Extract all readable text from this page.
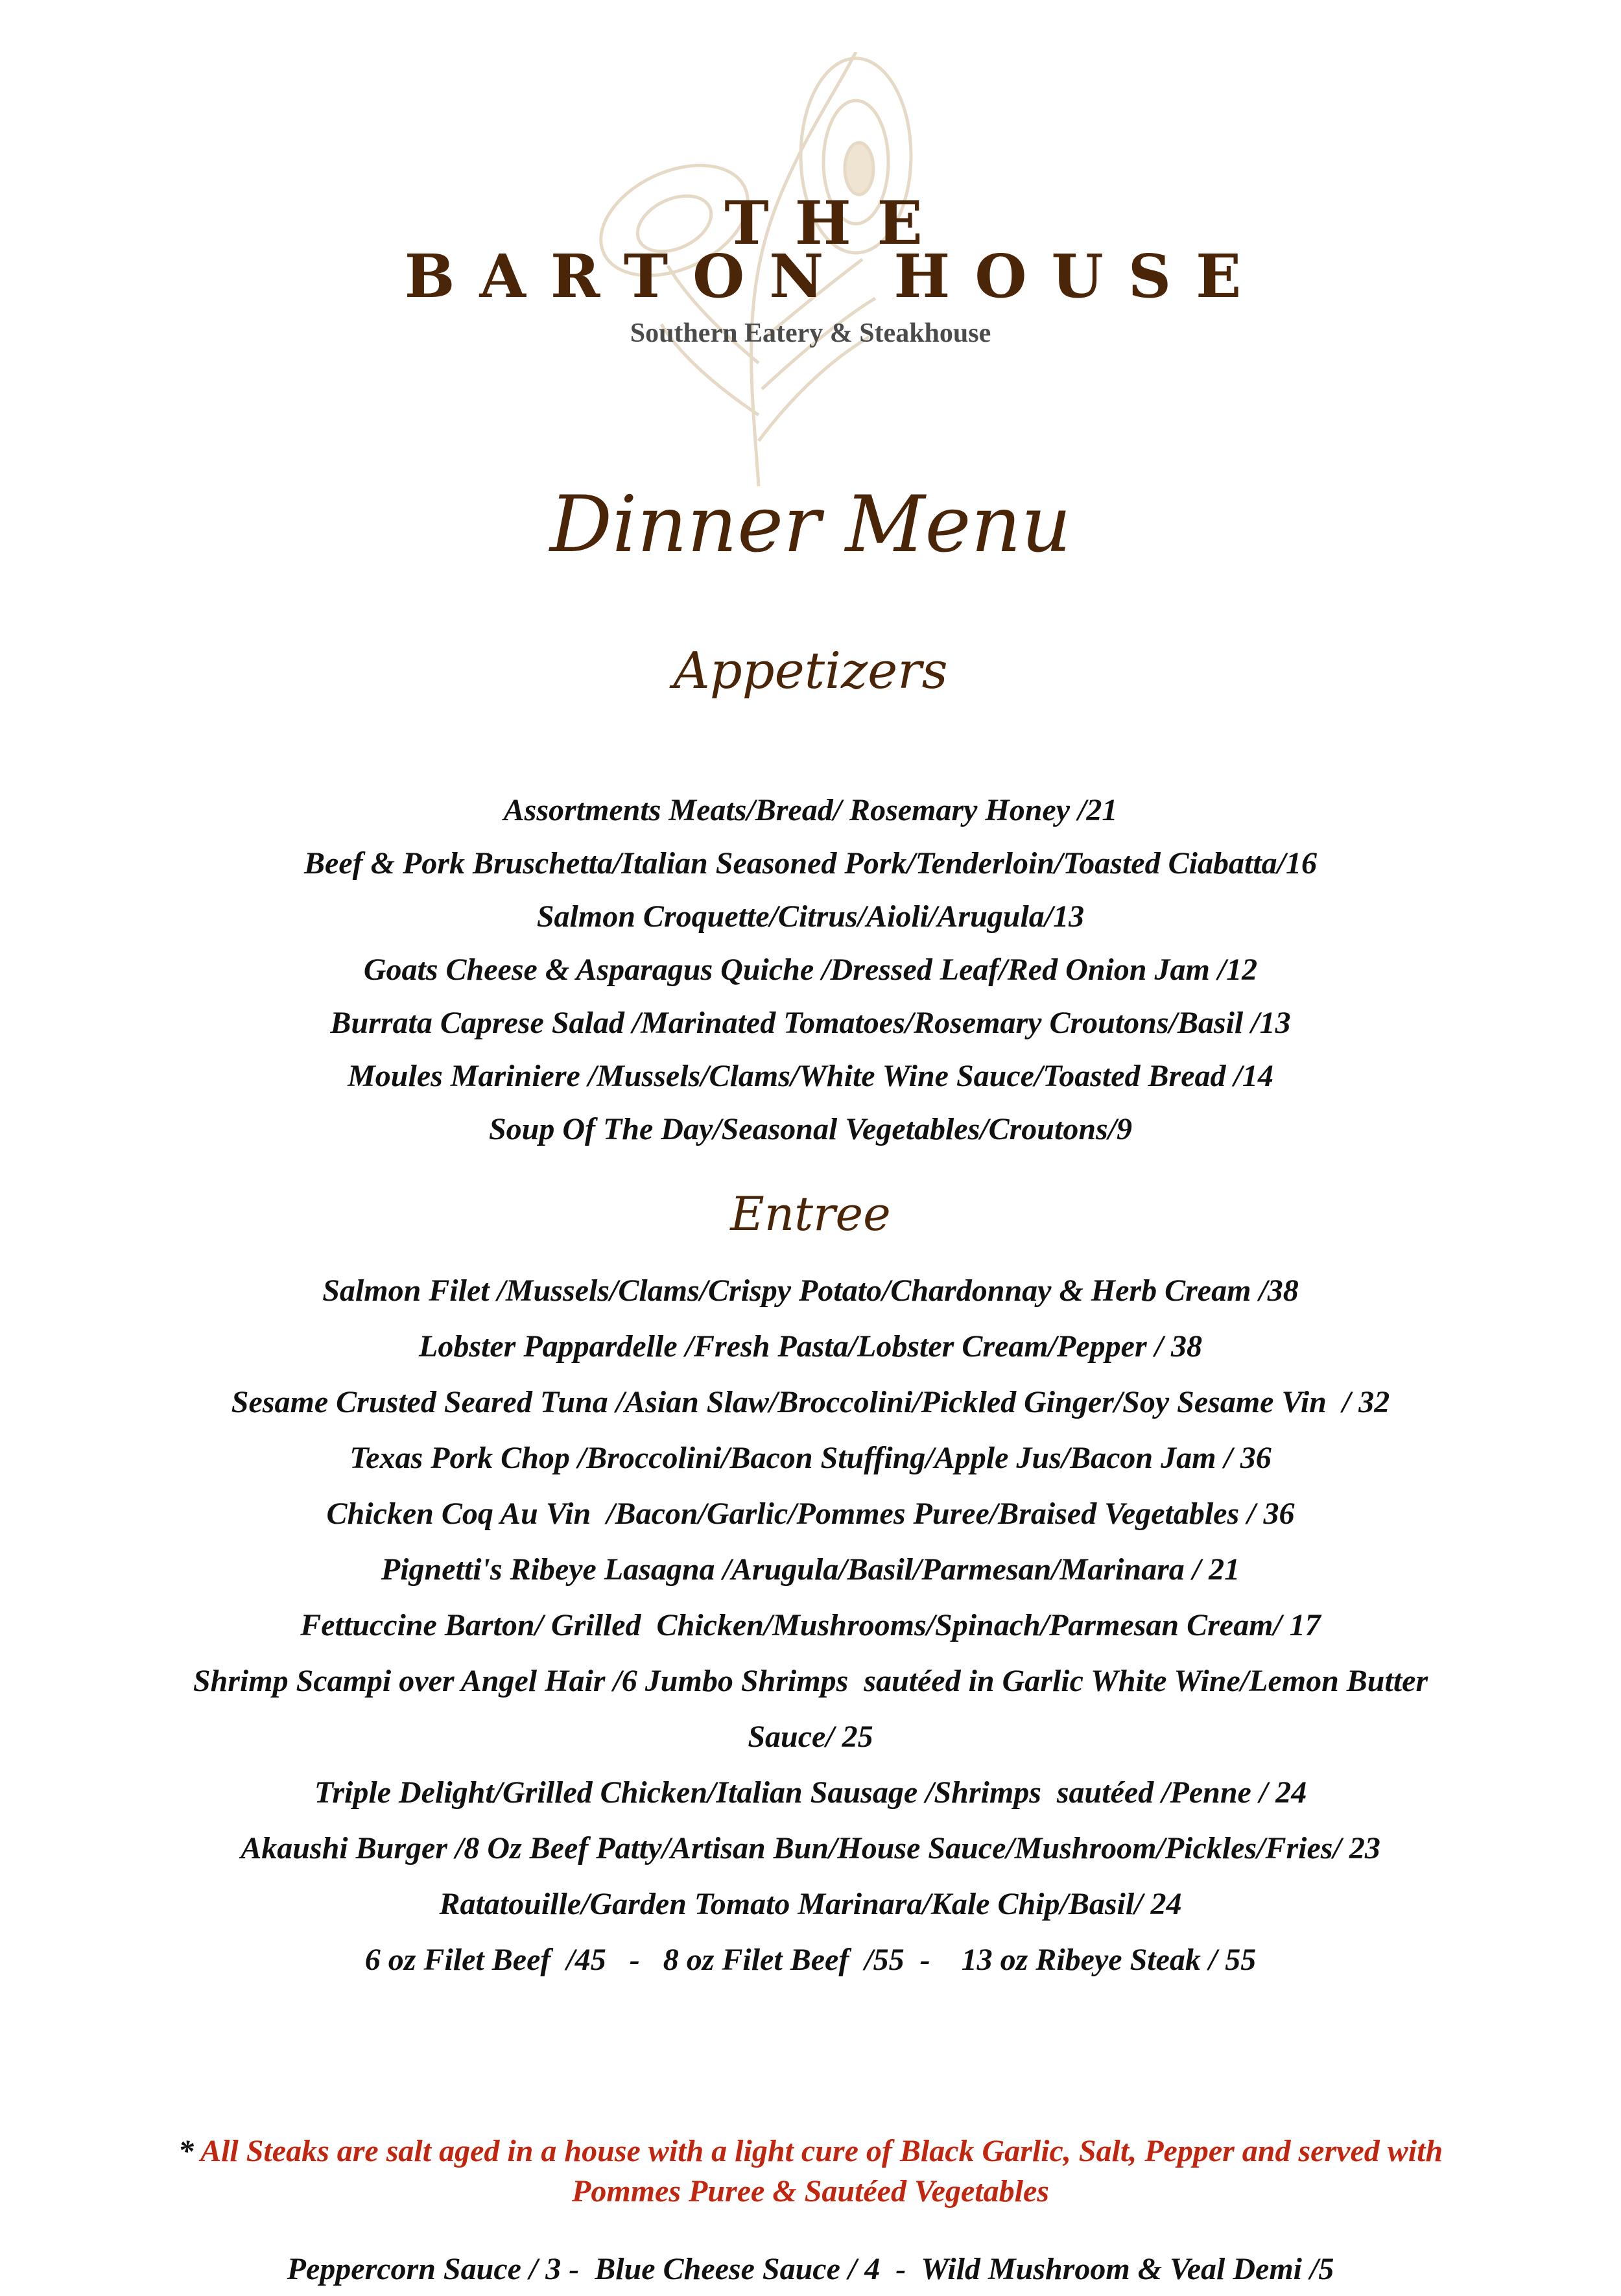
THE
BARTON HOUSE
Southern Eatery & Steakhouse
Dinner Menu
Appetizers
Assortments Meats/Bread/ Rosemary Honey /21
Beef & Pork Bruschetta/Italian Seasoned Pork/Tenderloin/Toasted Ciabatta/16
Salmon Croquette/Citrus/Aioli/Arugula/13
Goats Cheese & Asparagus Quiche /Dressed Leaf/Red Onion Jam /12
Burrata Caprese Salad /Marinated Tomatoes/Rosemary Croutons/Basil /13
Moules Mariniere /Mussels/Clams/White Wine Sauce/Toasted Bread /14
Soup Of The Day/Seasonal Vegetables/Croutons/9
Entree
Salmon Filet /Mussels/Clams/Crispy Potato/Chardonnay & Herb Cream /38
Lobster Pappardelle /Fresh Pasta/Lobster Cream/Pepper / 38
Sesame Crusted Seared Tuna /Asian Slaw/Broccolini/Pickled Ginger/Soy Sesame Vin  / 32
Texas Pork Chop /Broccolini/Bacon Stuffing/Apple Jus/Bacon Jam / 36
Chicken Coq Au Vin  /Bacon/Garlic/Pommes Puree/Braised Vegetables / 36
Pignetti's Ribeye Lasagna /Arugula/Basil/Parmesan/Marinara / 21
Fettuccine Barton/ Grilled  Chicken/Mushrooms/Spinach/Parmesan Cream/ 17
Shrimp Scampi over Angel Hair /6 Jumbo Shrimps  sautéed in Garlic White Wine/Lemon Butter
Sauce/ 25
Triple Delight/Grilled Chicken/Italian Sausage /Shrimps  sautéed /Penne / 24
Akaushi Burger /8 Oz Beef Patty/Artisan Bun/House Sauce/Mushroom/Pickles/Fries/ 23
Ratatouille/Garden Tomato Marinara/Kale Chip/Basil/ 24
6 oz Filet Beef  /45   -   8 oz Filet Beef  /55  -    13 oz Ribeye Steak / 55
* All Steaks are salt aged in a house with a light cure of Black Garlic, Salt, Pepper and served with
Pommes Puree & Sautéed Vegetables
Peppercorn Sauce / 3 -  Blue Cheese Sauce / 4  -  Wild Mushroom & Veal Demi /5
